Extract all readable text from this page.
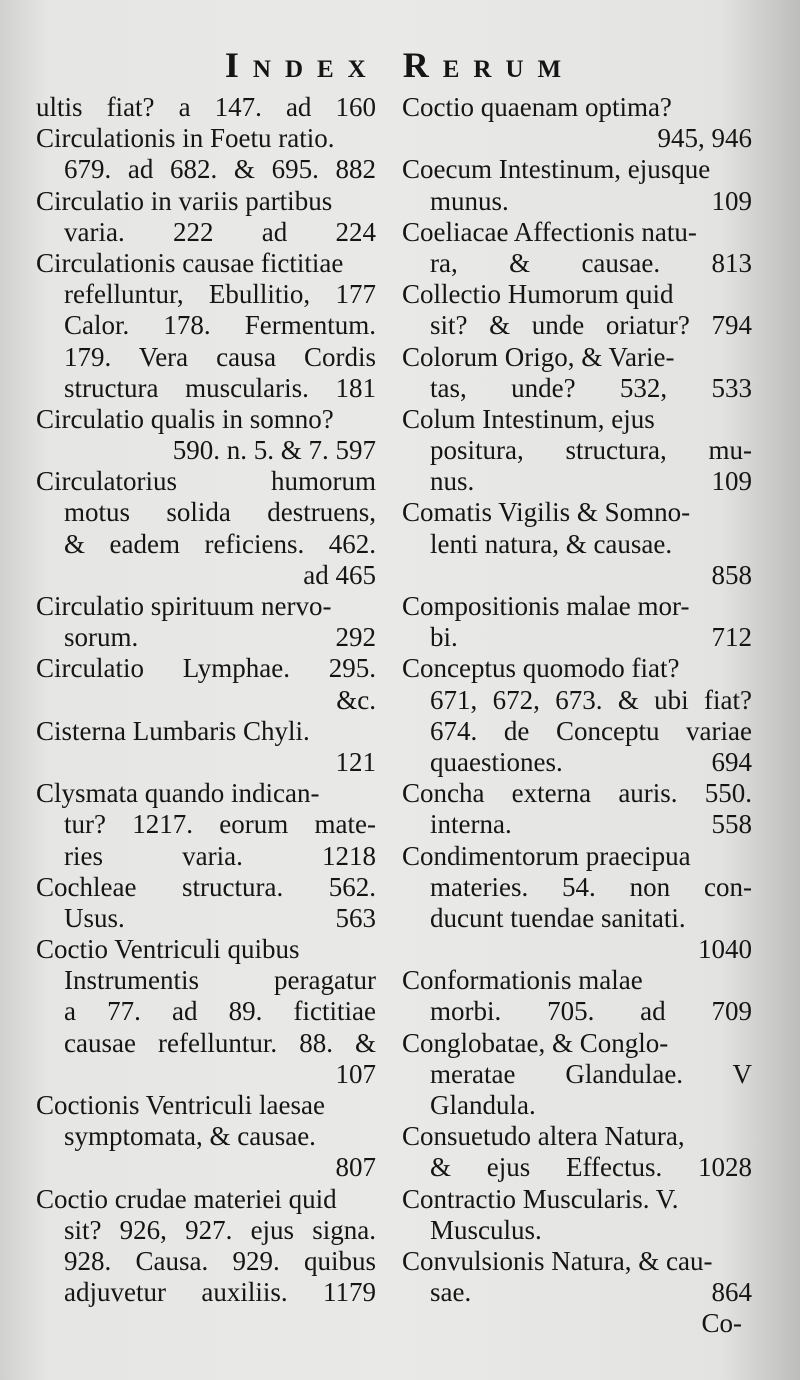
Index Rerum
ultis fiat? a 147. ad 160
Circulationis in Foetu ratio.
679. ad 682. & 695. 882
Circulatio in variis partibus
varia. 222 ad 224
Circulationis causae fictitiae
refelluntur, Ebullitio, 177
Calor. 178. Fermentum.
179. Vera causa Cordis
structura muscularis. 181
Circulatio qualis in somno?
590. n. 5. & 7. 597
Circulatorius humorum
motus solida destruens,
& eadem reficiens. 462.
ad 465
Circulatio spirituum nervo-
sorum. 292
Circulatio Lymphae. 295.
&c.
Cisterna Lumbaris Chyli.
121
Clysmata quando indican-
tur? 1217. eorum mate-
ries varia. 1218
Cochleae structura. 562.
Usus. 563
Coctio Ventriculi quibus
Instrumentis peragatur
a 77. ad 89. fictitiae
causae refelluntur. 88. &
107
Coctionis Ventriculi laesae
symptomata, & causae.
807
Coctio crudae materiei quid
sit? 926, 927. ejus signa.
928. Causa. 929. quibus
adjuvetur auxiliis. 1179
Coctio quaenam optima?
945, 946
Coecum Intestinum, ejusque
munus. 109
Coeliacae Affectionis natu-
ra, & causae. 813
Collectio Humorum quid
sit? & unde oriatur? 794
Colorum Origo, & Varie-
tas, unde? 532, 533
Colum Intestinum, ejus
positura, structura, mu-
nus. 109
Comatis Vigilis & Somno-
lenti natura, & causae.
858
Compositionis malae mor-
bi. 712
Conceptus quomodo fiat?
671, 672, 673. & ubi fiat?
674. de Conceptu variae
quaestiones. 694
Concha externa auris. 550.
interna. 558
Condimentorum praecipua
materies. 54. non con-
ducunt tuendae sanitati.
1040
Conformationis malae
morbi. 705. ad 709
Conglobatae, & Conglo-
meratae Glandulae. V
Glandula.
Consuetudo altera Natura,
& ejus Effectus. 1028
Contractio Muscularis. V.
Musculus.
Convulsionis Natura, & cau-
sae. 864
Co-
